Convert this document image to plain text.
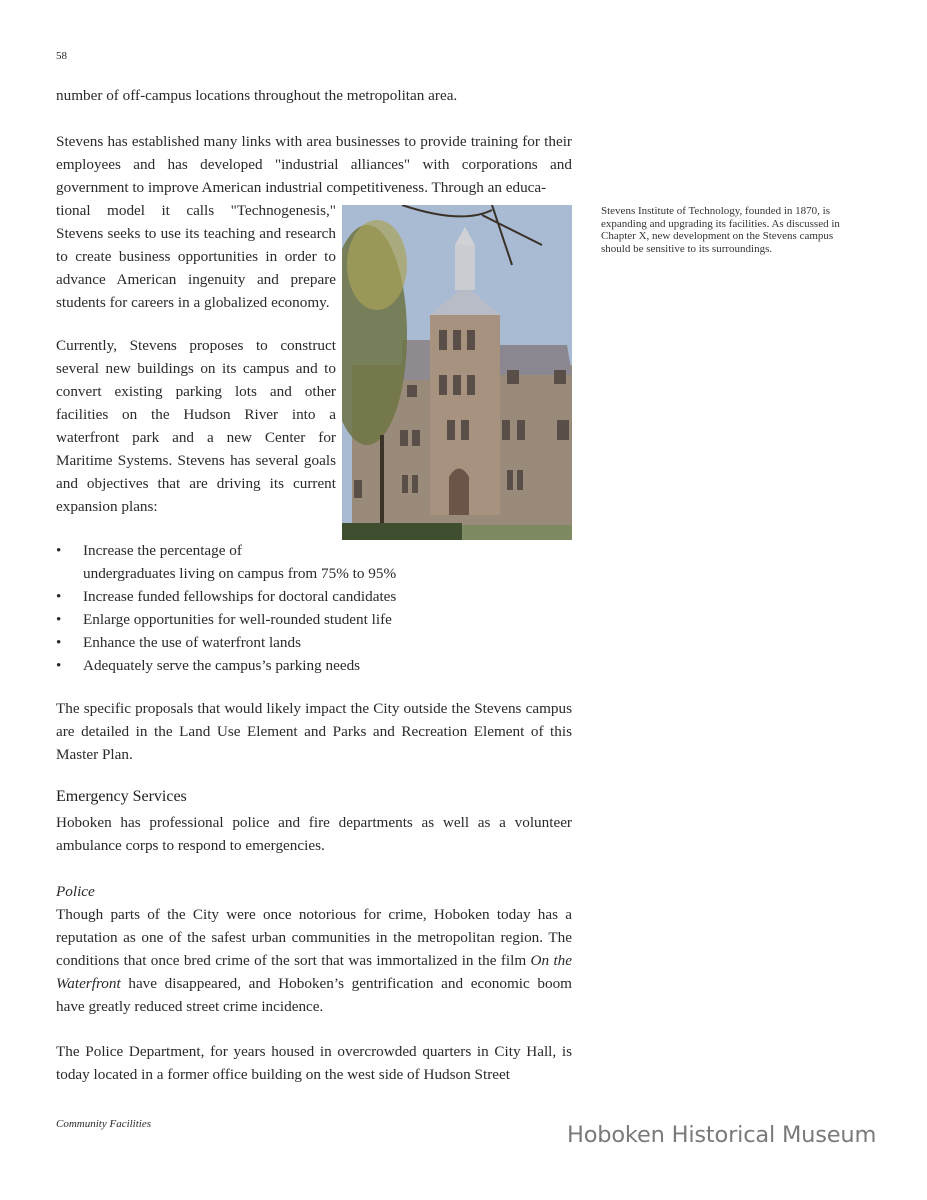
58
number of off-campus locations throughout the metropolitan area.
Stevens has established many links with area businesses to provide training for their employees and has developed "industrial alliances" with corporations and government to improve American industrial competitiveness. Through an educa-
tional model it calls "Technogenesis," Stevens seeks to use its teaching and research to create business opportunities in order to advance American ingenuity and prepare students for careers in a globalized economy.
Currently, Stevens proposes to construct several new buildings on its campus and to convert existing parking lots and other facilities on the Hudson River into a waterfront park and a new Center for Maritime Systems. Stevens has several goals and objectives that are driving its current expansion plans:
Stevens Institute of Technology, founded in 1870, is expanding and upgrading its facilities. As discussed in Chapter X, new development on the Stevens campus should be sensitive to its surroundings.
• Increase the percentage of
undergraduates living on campus from 75% to 95%
• Increase funded fellowships for doctoral candidates
• Enlarge opportunities for well-rounded student life
• Enhance the use of waterfront lands
• Adequately serve the campus’s parking needs
The specific proposals that would likely impact the City outside the Stevens campus are detailed in the Land Use Element and Parks and Recreation Element of this Master Plan.
Emergency Services
Hoboken has professional police and fire departments as well as a volunteer ambulance corps to respond to emergencies.
Police
Though parts of the City were once notorious for crime, Hoboken today has a reputation as one of the safest urban communities in the metropolitan region. The conditions that once bred crime of the sort that was immortalized in the film On the Waterfront have disappeared, and Hoboken’s gentrification and economic boom have greatly reduced street crime incidence.
The Police Department, for years housed in overcrowded quarters in City Hall, is today located in a former office building on the west side of Hudson Street
Community Facilities	Hoboken Historical Museum
